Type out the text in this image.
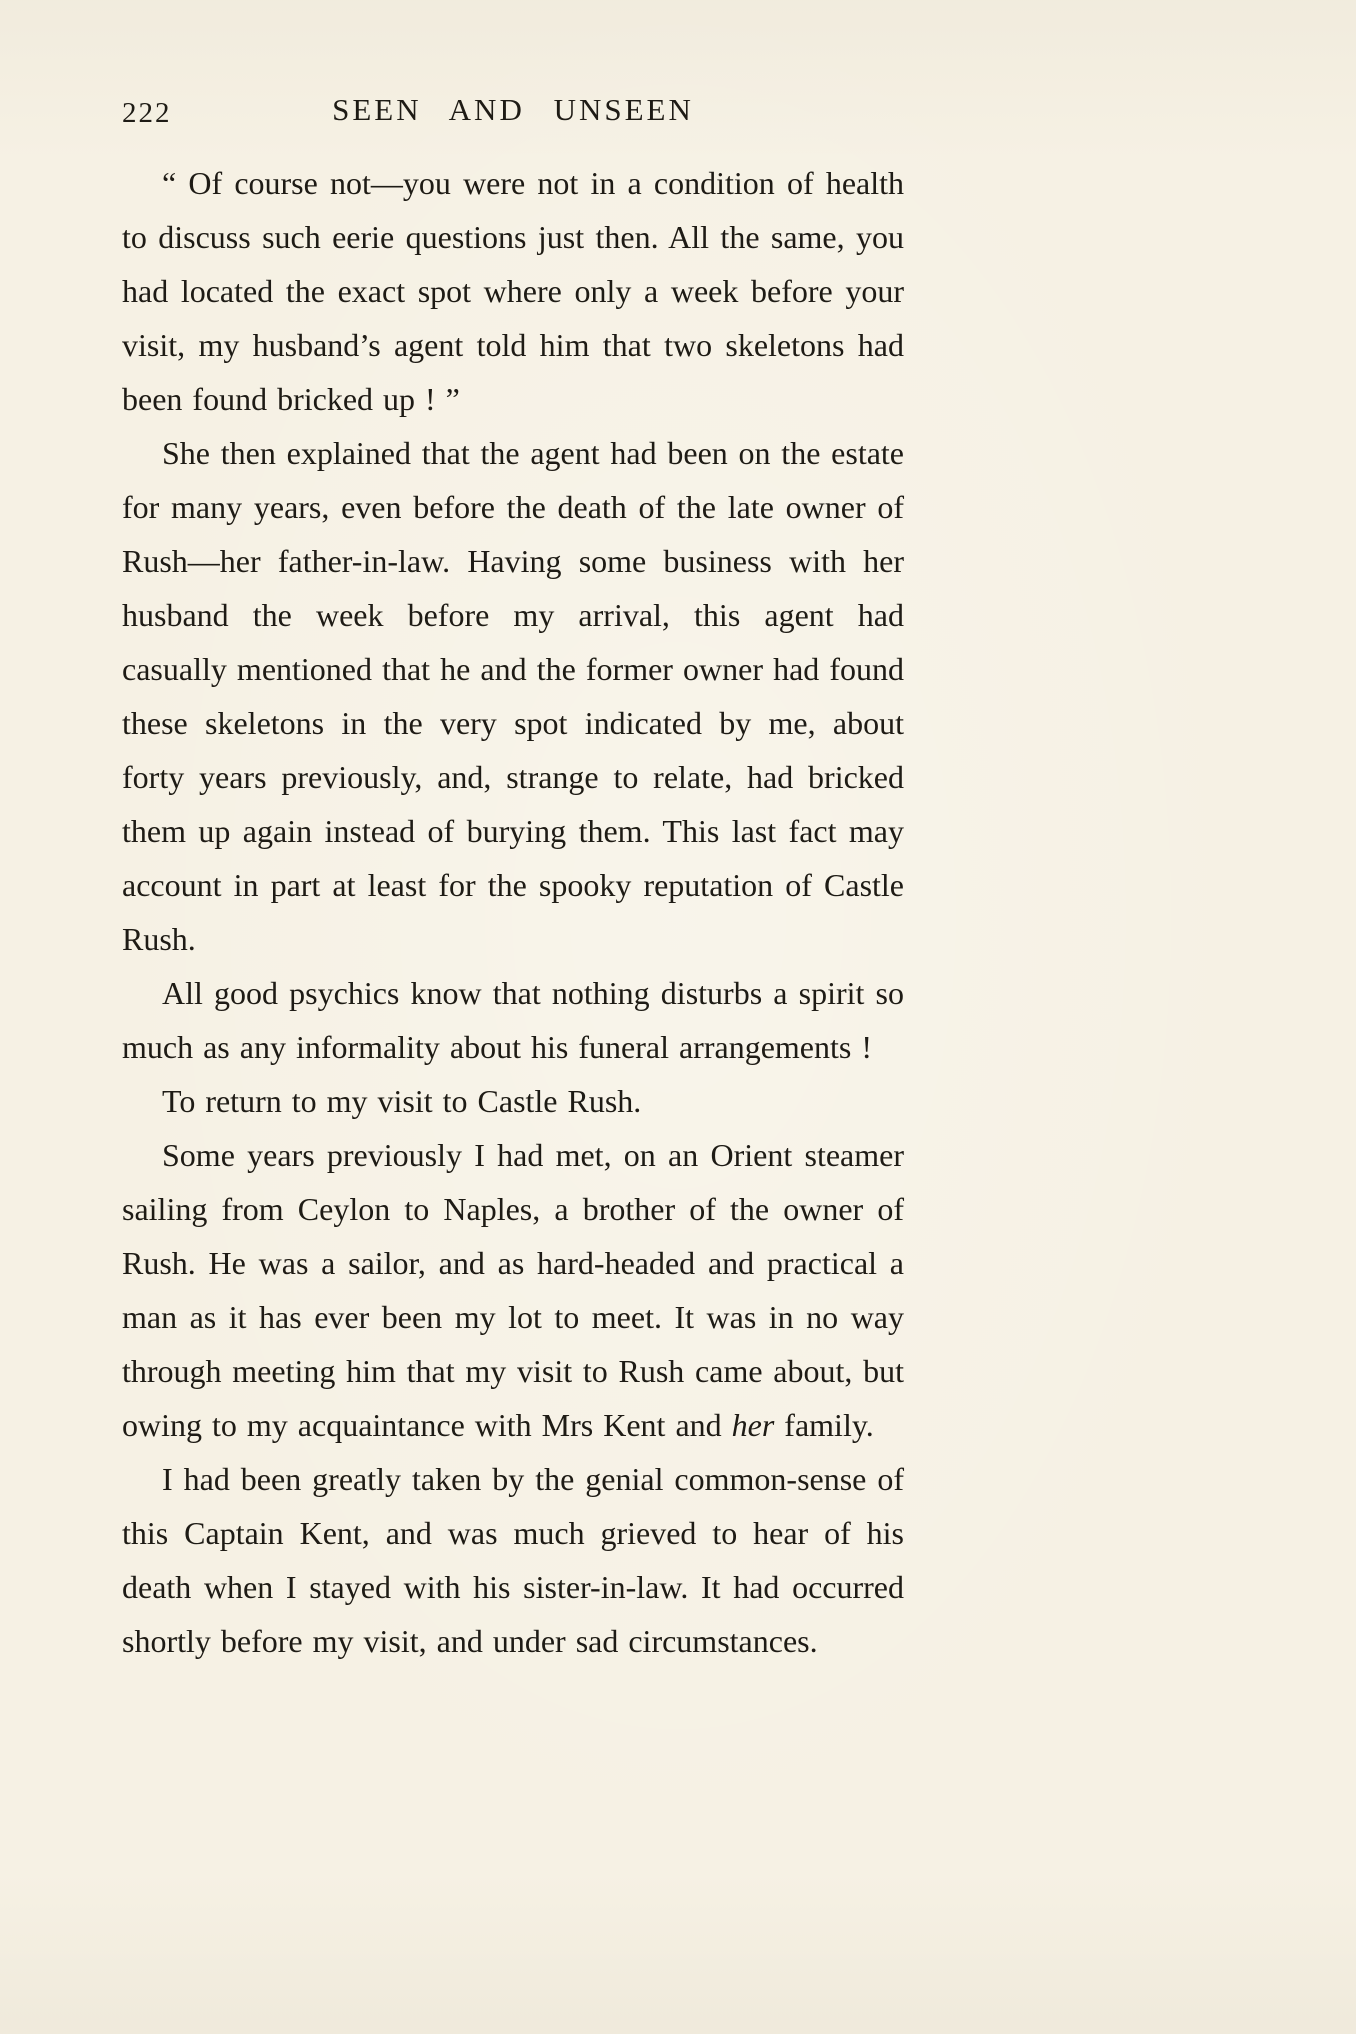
222	SEEN AND UNSEEN

“ Of course not—you were not in a condition of health to discuss such eerie questions just then. All the same, you had located the exact spot where only a week before your visit, my husband’s agent told him that two skeletons had been found bricked up ! ”

She then explained that the agent had been on the estate for many years, even before the death of the late owner of Rush—her father-in-law. Having some business with her husband the week before my arrival, this agent had casually mentioned that he and the former owner had found these skeletons in the very spot indicated by me, about forty years previously, and, strange to relate, had bricked them up again instead of burying them. This last fact may account in part at least for the spooky reputation of Castle Rush.

All good psychics know that nothing disturbs a spirit so much as any informality about his funeral arrangements !

To return to my visit to Castle Rush.

Some years previously I had met, on an Orient steamer sailing from Ceylon to Naples, a brother of the owner of Rush. He was a sailor, and as hard-headed and practical a man as it has ever been my lot to meet. It was in no way through meeting him that my visit to Rush came about, but owing to my acquaintance with Mrs Kent and her family.

I had been greatly taken by the genial common-sense of this Captain Kent, and was much grieved to hear of his death when I stayed with his sister-in-law. It had occurred shortly before my visit, and under sad circumstances.
